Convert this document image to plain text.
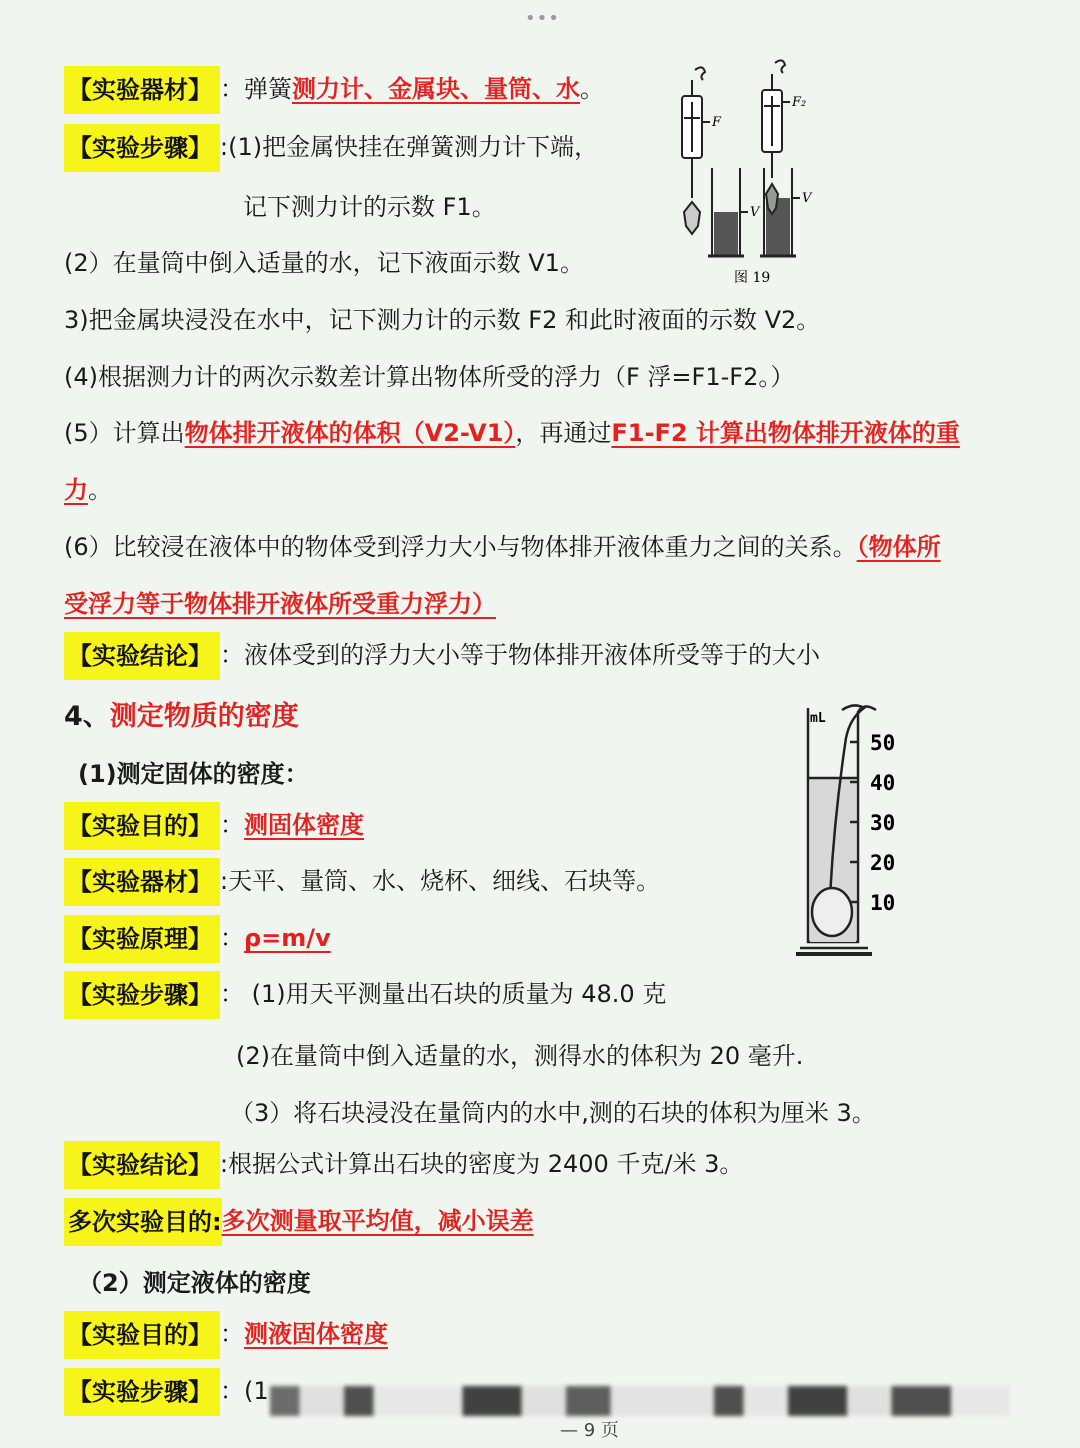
•••
【实验器材】 ：弹簧测力计、金属块、量筒、水。
【实验步骤】 :(1)把金属快挂在弹簧测力计下端，
记下测力计的示数 F1。
(2）在量筒中倒入适量的水，记下液面示数 V1。
3)把金属块浸没在水中，记下测力计的示数 F2 和此时液面的示数 V2。
(4)根据测力计的两次示数差计算出物体所受的浮力（F 浮=F1-F2。）
(5）计算出物体排开液体的体积（V2-V1），再通过F1-F2 计算出物体排开液体的重
力。
(6）比较浸在液体中的物体受到浮力大小与物体排开液体重力之间的关系。（物体所
受浮力等于物体排开液体所受重力浮力）
【实验结论】 ：液体受到的浮力大小等于物体排开液体所受等于的大小
F
F₂
V
V
图 19
4、测定物质的密度
(1)测定固体的密度：
【实验目的】 ：测固体密度
【实验器材】 :天平、量筒、水、烧杯、细线、石块等。
【实验原理】 ：ρ=m/v
【实验步骤】 ： (1)用天平测量出石块的质量为 48.0 克
(2)在量筒中倒入适量的水，测得水的体积为 20 毫升.
（3）将石块浸没在量筒内的水中,测的石块的体积为厘米 3。
【实验结论】 :根据公式计算出石块的密度为 2400 千克/米 3。
多次实验目的:多次测量取平均值，减小误差
（2）测定液体的密度
【实验目的】 ：测液固体密度
【实验步骤】 ：(1
— 9 页
mL
50
40
30
20
10
